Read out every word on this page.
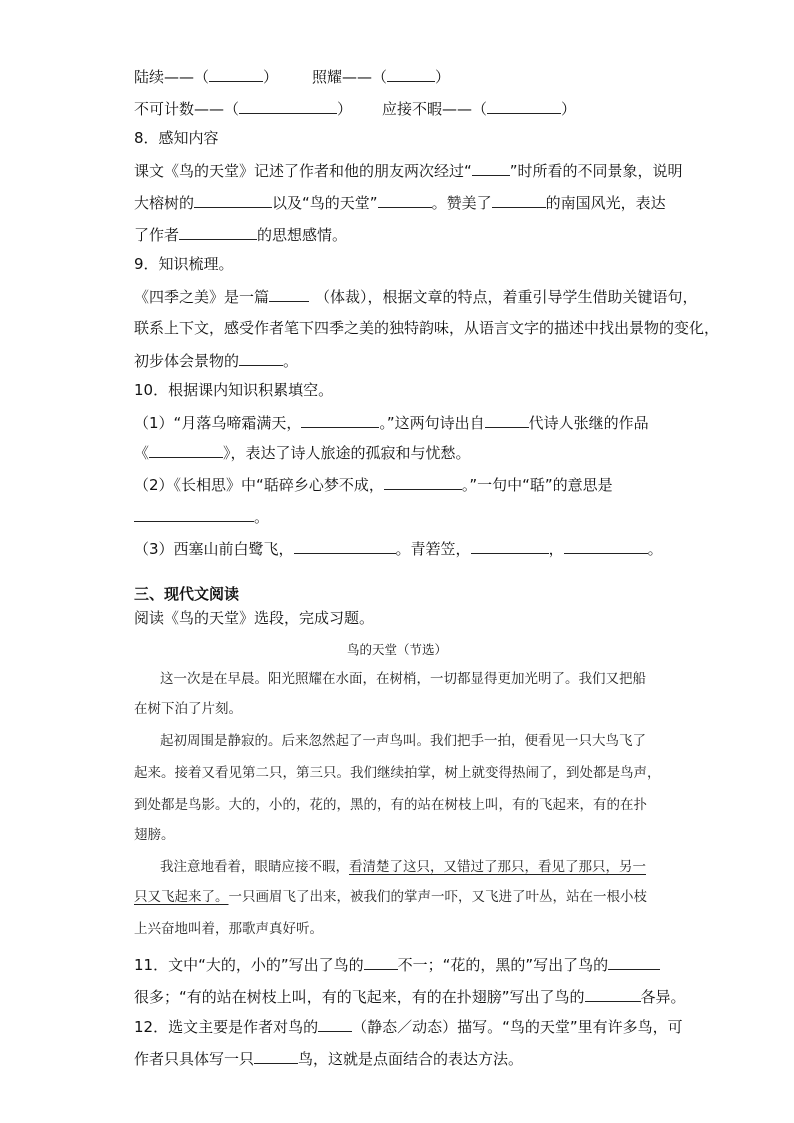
陆续——（	） 照耀——（	）
不可计数——（	） 应接不暇——（	）
8．感知内容
课文《鸟的天堂》记述了作者和他的朋友两次经过“	”时所看的不同景象，说明
大榕树的	以及“鸟的天堂”	。赞美了	的南国风光，表达
了作者	的思想感情。
9．知识梳理。
《四季之美》是一篇	（体裁），根据文章的特点，着重引导学生借助关键语句，
联系上下文，感受作者笔下四季之美的独特韵味，从语言文字的描述中找出景物的变化，
初步体会景物的	。
10．根据课内知识积累填空。
（1）“月落乌啼霜满天，	。”这两句诗出自	代诗人张继的作品
《	》，表达了诗人旅途的孤寂和与忧愁。
（2）《长相思》中“聒碎乡心梦不成，	。”一句中“聒”的意思是
。
（3）西塞山前白鹭飞，	。青箬笠，	，	。
三、现代文阅读
阅读《鸟的天堂》选段，完成习题。
鸟的天堂（节选）
这一次是在早晨。阳光照耀在水面，在树梢，一切都显得更加光明了。我们又把船
在树下泊了片刻。
起初周围是静寂的。后来忽然起了一声鸟叫。我们把手一拍，便看见一只大鸟飞了
起来。接着又看见第二只，第三只。我们继续拍掌，树上就变得热闹了，到处都是鸟声，
到处都是鸟影。大的，小的，花的，黑的，有的站在树枝上叫，有的飞起来，有的在扑
翅膀。
我注意地看着，眼睛应接不暇，看清楚了这只，又错过了那只，看见了那只，另一
只又飞起来了。一只画眉飞了出来，被我们的掌声一吓，又飞进了叶丛，站在一根小枝
上兴奋地叫着，那歌声真好听。
11．文中“大的，小的”写出了鸟的 不一；“花的，黑的”写出了鸟的
很多；“有的站在树枝上叫，有的飞起来，有的在扑翅膀”写出了鸟的	各异。
12．选文主要是作者对鸟的 （静态／动态）描写。“鸟的天堂”里有许多鸟，可
作者只具体写一只	鸟，这就是点面结合的表达方法。
